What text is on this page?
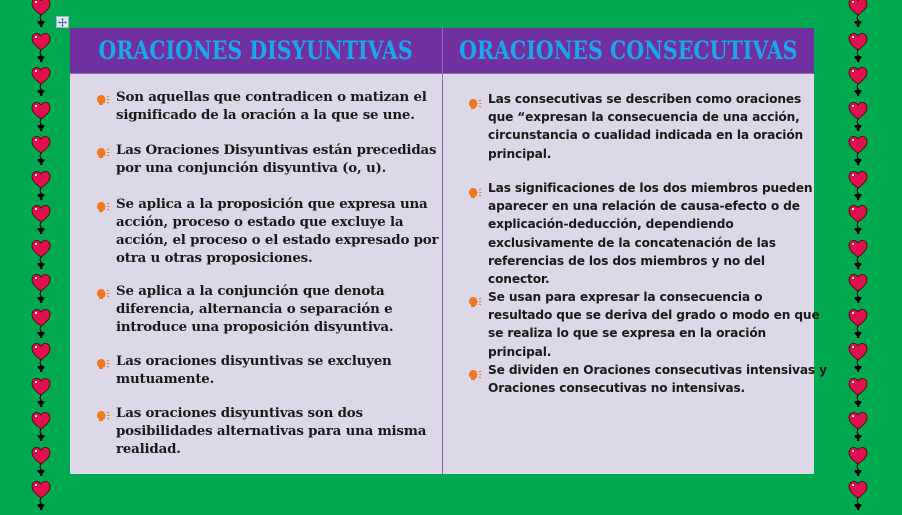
ORACIONES DISYUNTIVAS ORACIONES CONSECUTIVAS
Son aquellas que contradicen o matizan el significado de la oración a la que se une.
Las Oraciones Disyuntivas están precedidas por una conjunción disyuntiva (o, u).
Se aplica a la proposición que expresa una acción, proceso o estado que excluye la acción, el proceso o el estado expresado por otra u otras proposiciones.
Se aplica a la conjunción que denota diferencia, alternancia o separación e introduce una proposición disyuntiva.
Las oraciones disyuntivas se excluyen mutuamente.
Las oraciones disyuntivas son dos posibilidades alternativas para una misma realidad.
Las consecutivas se describen como oraciones que “expresan la consecuencia de una acción, circunstancia o cualidad indicada en la oración principal.
Las significaciones de los dos miembros pueden aparecer en una relación de causa-efecto o de explicación-deducción, dependiendo exclusivamente de la concatenación de las referencias de los dos miembros y no del conector.
Se usan para expresar la consecuencia o resultado que se deriva del grado o modo en que se realiza lo que se expresa en la oración principal.
Se dividen en Oraciones consecutivas intensivas y Oraciones consecutivas no intensivas.
